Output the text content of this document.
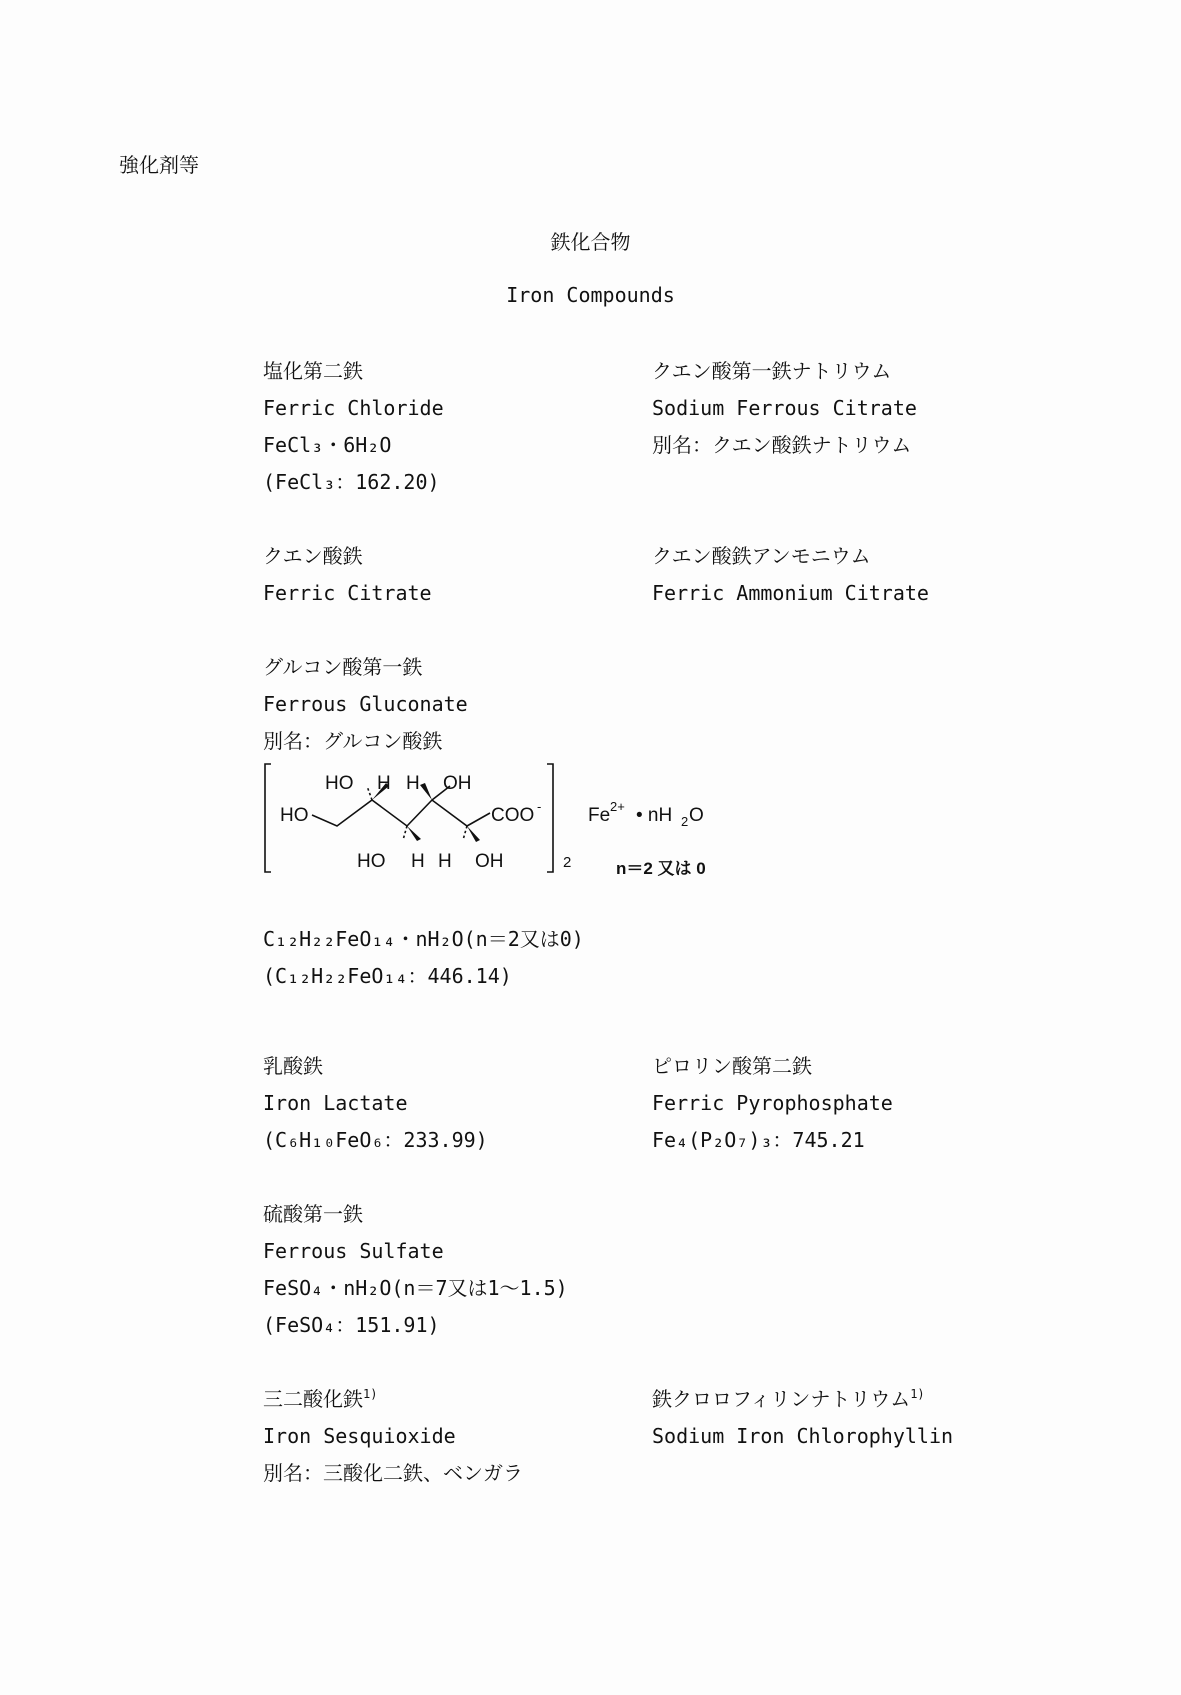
強化剤等
鉄化合物
Iron Compounds
塩化第二鉄
Ferric Chloride
FeCl₃・6H₂O
(FeCl₃：162.20)
クエン酸第一鉄ナトリウム
Sodium Ferrous Citrate
別名：クエン酸鉄ナトリウム
クエン酸鉄
Ferric Citrate
クエン酸鉄アンモニウム
Ferric Ammonium Citrate
グルコン酸第一鉄
Ferrous Gluconate
別名：グルコン酸鉄
HO H H OH
HO	COO -
HO H H OH	2
Fe 2+ • nH 2 O
n＝2 又は 0
C₁₂H₂₂FeO₁₄・nH₂O(n＝2又は0)
(C₁₂H₂₂FeO₁₄：446.14)
乳酸鉄
Iron Lactate
(C₆H₁₀FeO₆：233.99)
ピロリン酸第二鉄
Ferric Pyrophosphate
Fe₄(P₂O₇)₃：745.21
硫酸第一鉄
Ferrous Sulfate
FeSO₄・nH₂O(n＝7又は1～1.5)
(FeSO₄：151.91)
三二酸化鉄$^{1)}$
Iron Sesquioxide
別名：三酸化二鉄、ベンガラ
鉄クロロフィリンナトリウム$^{1)}$
Sodium Iron Chlorophyllin
